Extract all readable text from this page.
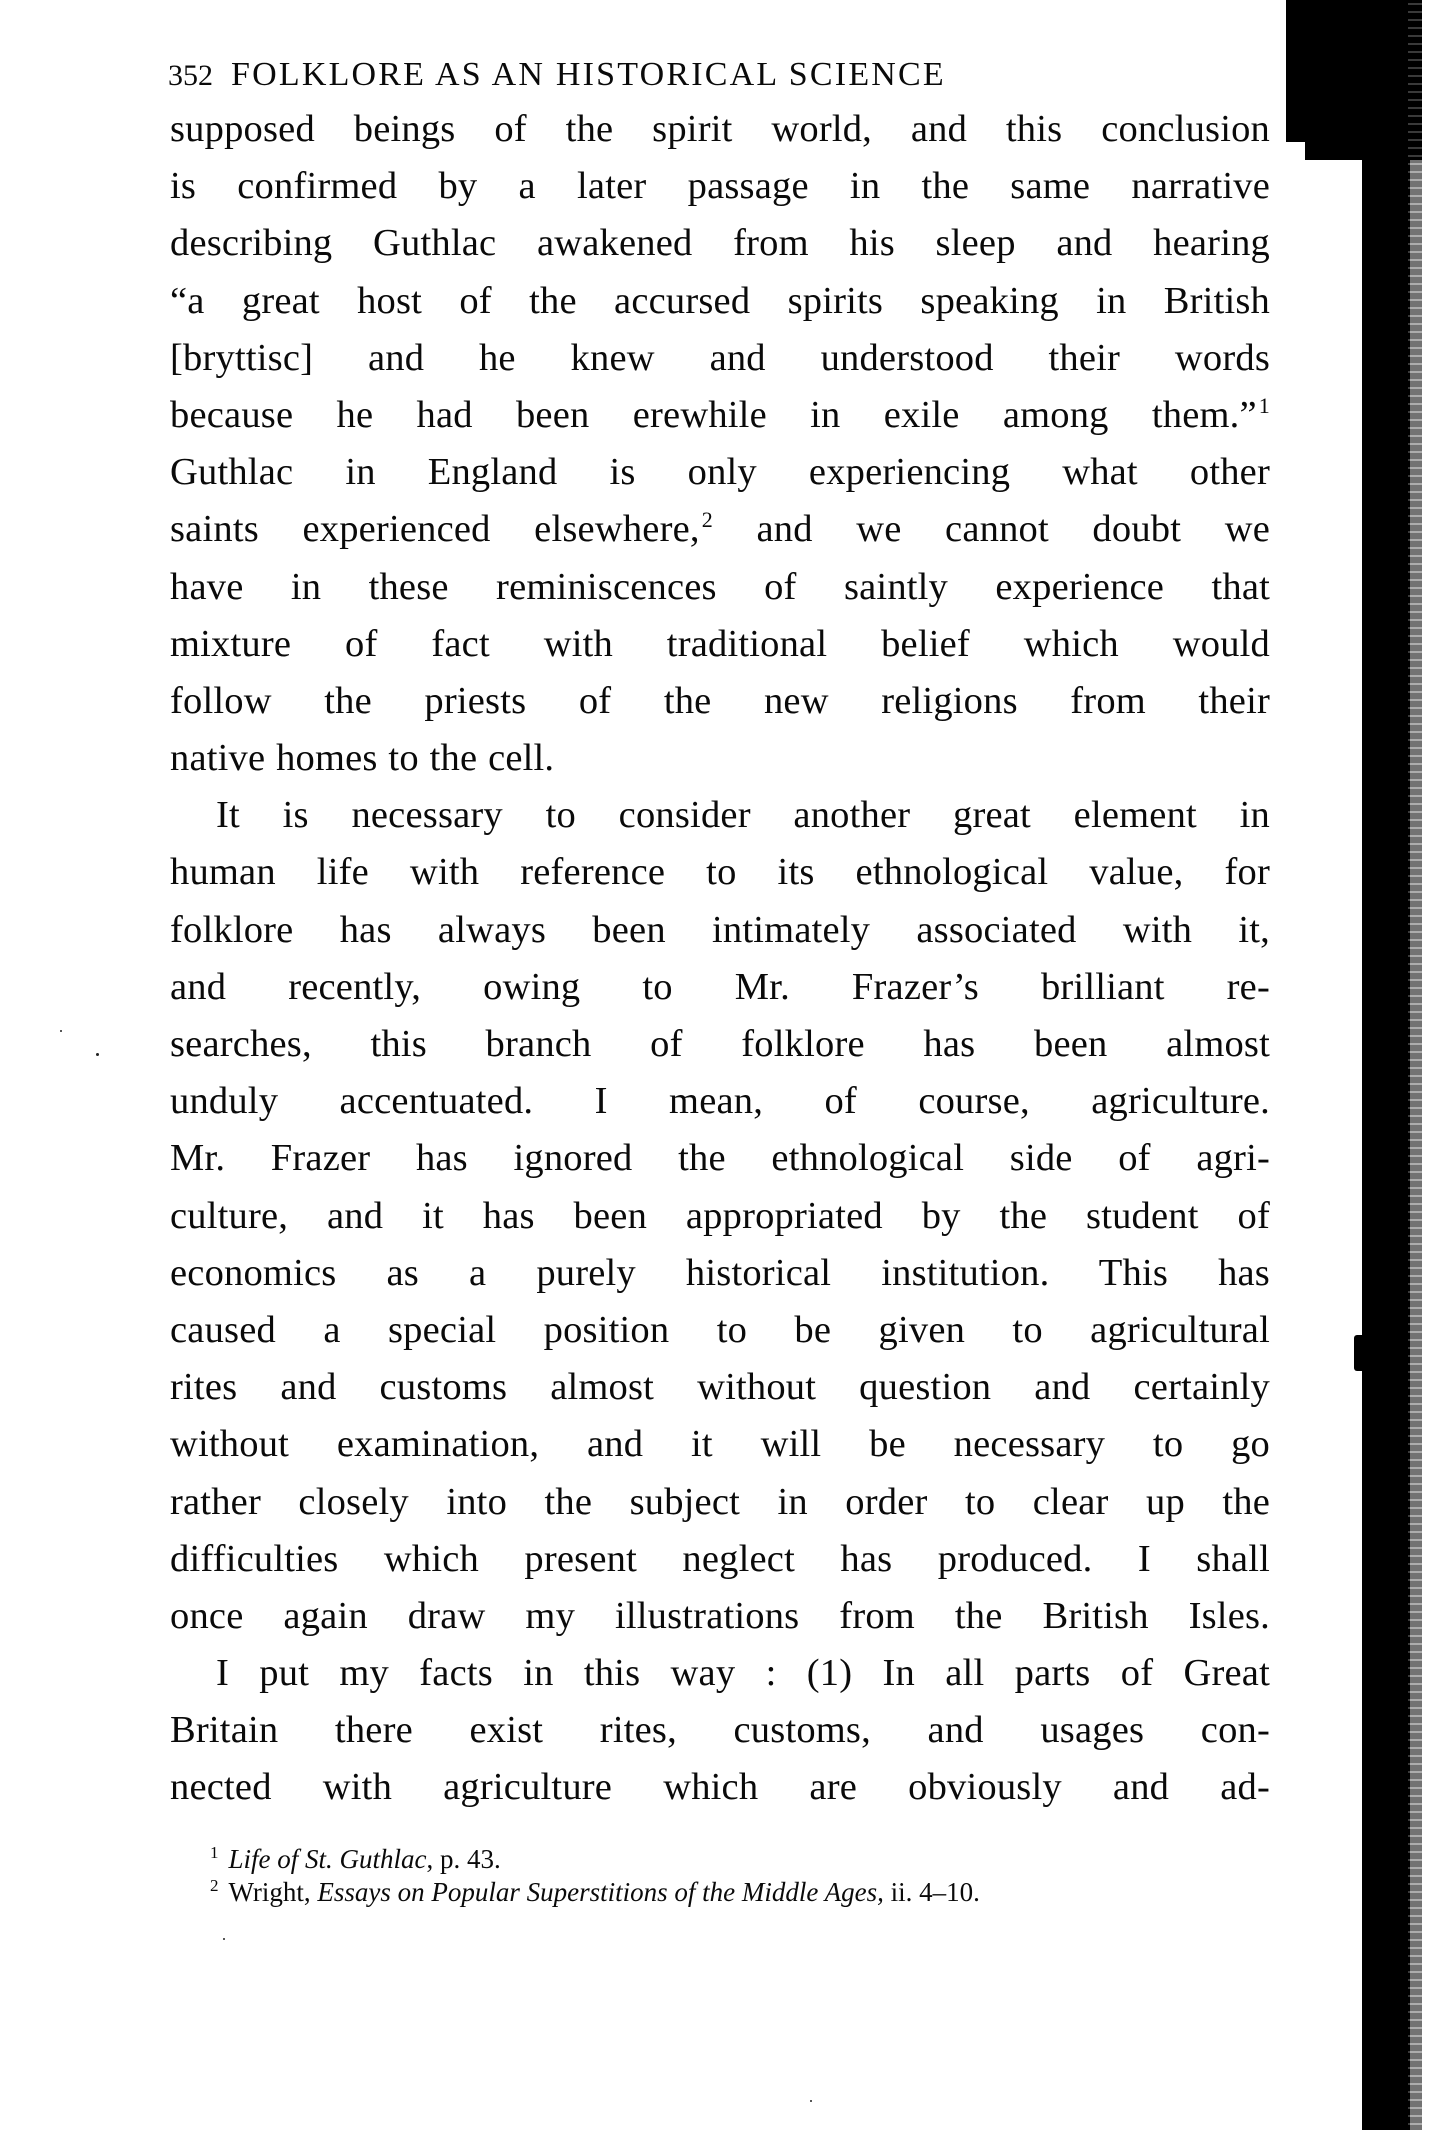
352 FOLKLORE AS AN HISTORICAL SCIENCE
supposed beings of the spirit world, and this conclusion
is confirmed by a later passage in the same narrative
describing Guthlac awakened from his sleep and hearing
“a great host of the accursed spirits speaking in British
[bryttisc] and he knew and understood their words
because he had been erewhile in exile among them.”$^1$
Guthlac in England is only experiencing what other
saints experienced elsewhere,$^2$ and we cannot doubt we
have in these reminiscences of saintly experience that
mixture of fact with traditional belief which would
follow the priests of the new religions from their
native homes to the cell.
It is necessary to consider another great element in
human life with reference to its ethnological value, for
folklore has always been intimately associated with it,
and recently, owing to Mr. Frazer’s brilliant re-
searches, this branch of folklore has been almost
unduly accentuated. I mean, of course, agriculture.
Mr. Frazer has ignored the ethnological side of agri-
culture, and it has been appropriated by the student of
economics as a purely historical institution. This has
caused a special position to be given to agricultural
rites and customs almost without question and certainly
without examination, and it will be necessary to go
rather closely into the subject in order to clear up the
difficulties which present neglect has produced. I shall
once again draw my illustrations from the British Isles.
I put my facts in this way : (1) In all parts of Great
Britain there exist rites, customs, and usages con-
nected with agriculture which are obviously and ad-
$^1$ Life of St. Guthlac, p. 43.
$^2$ Wright, Essays on Popular Superstitions of the Middle Ages, ii. 4–10.
